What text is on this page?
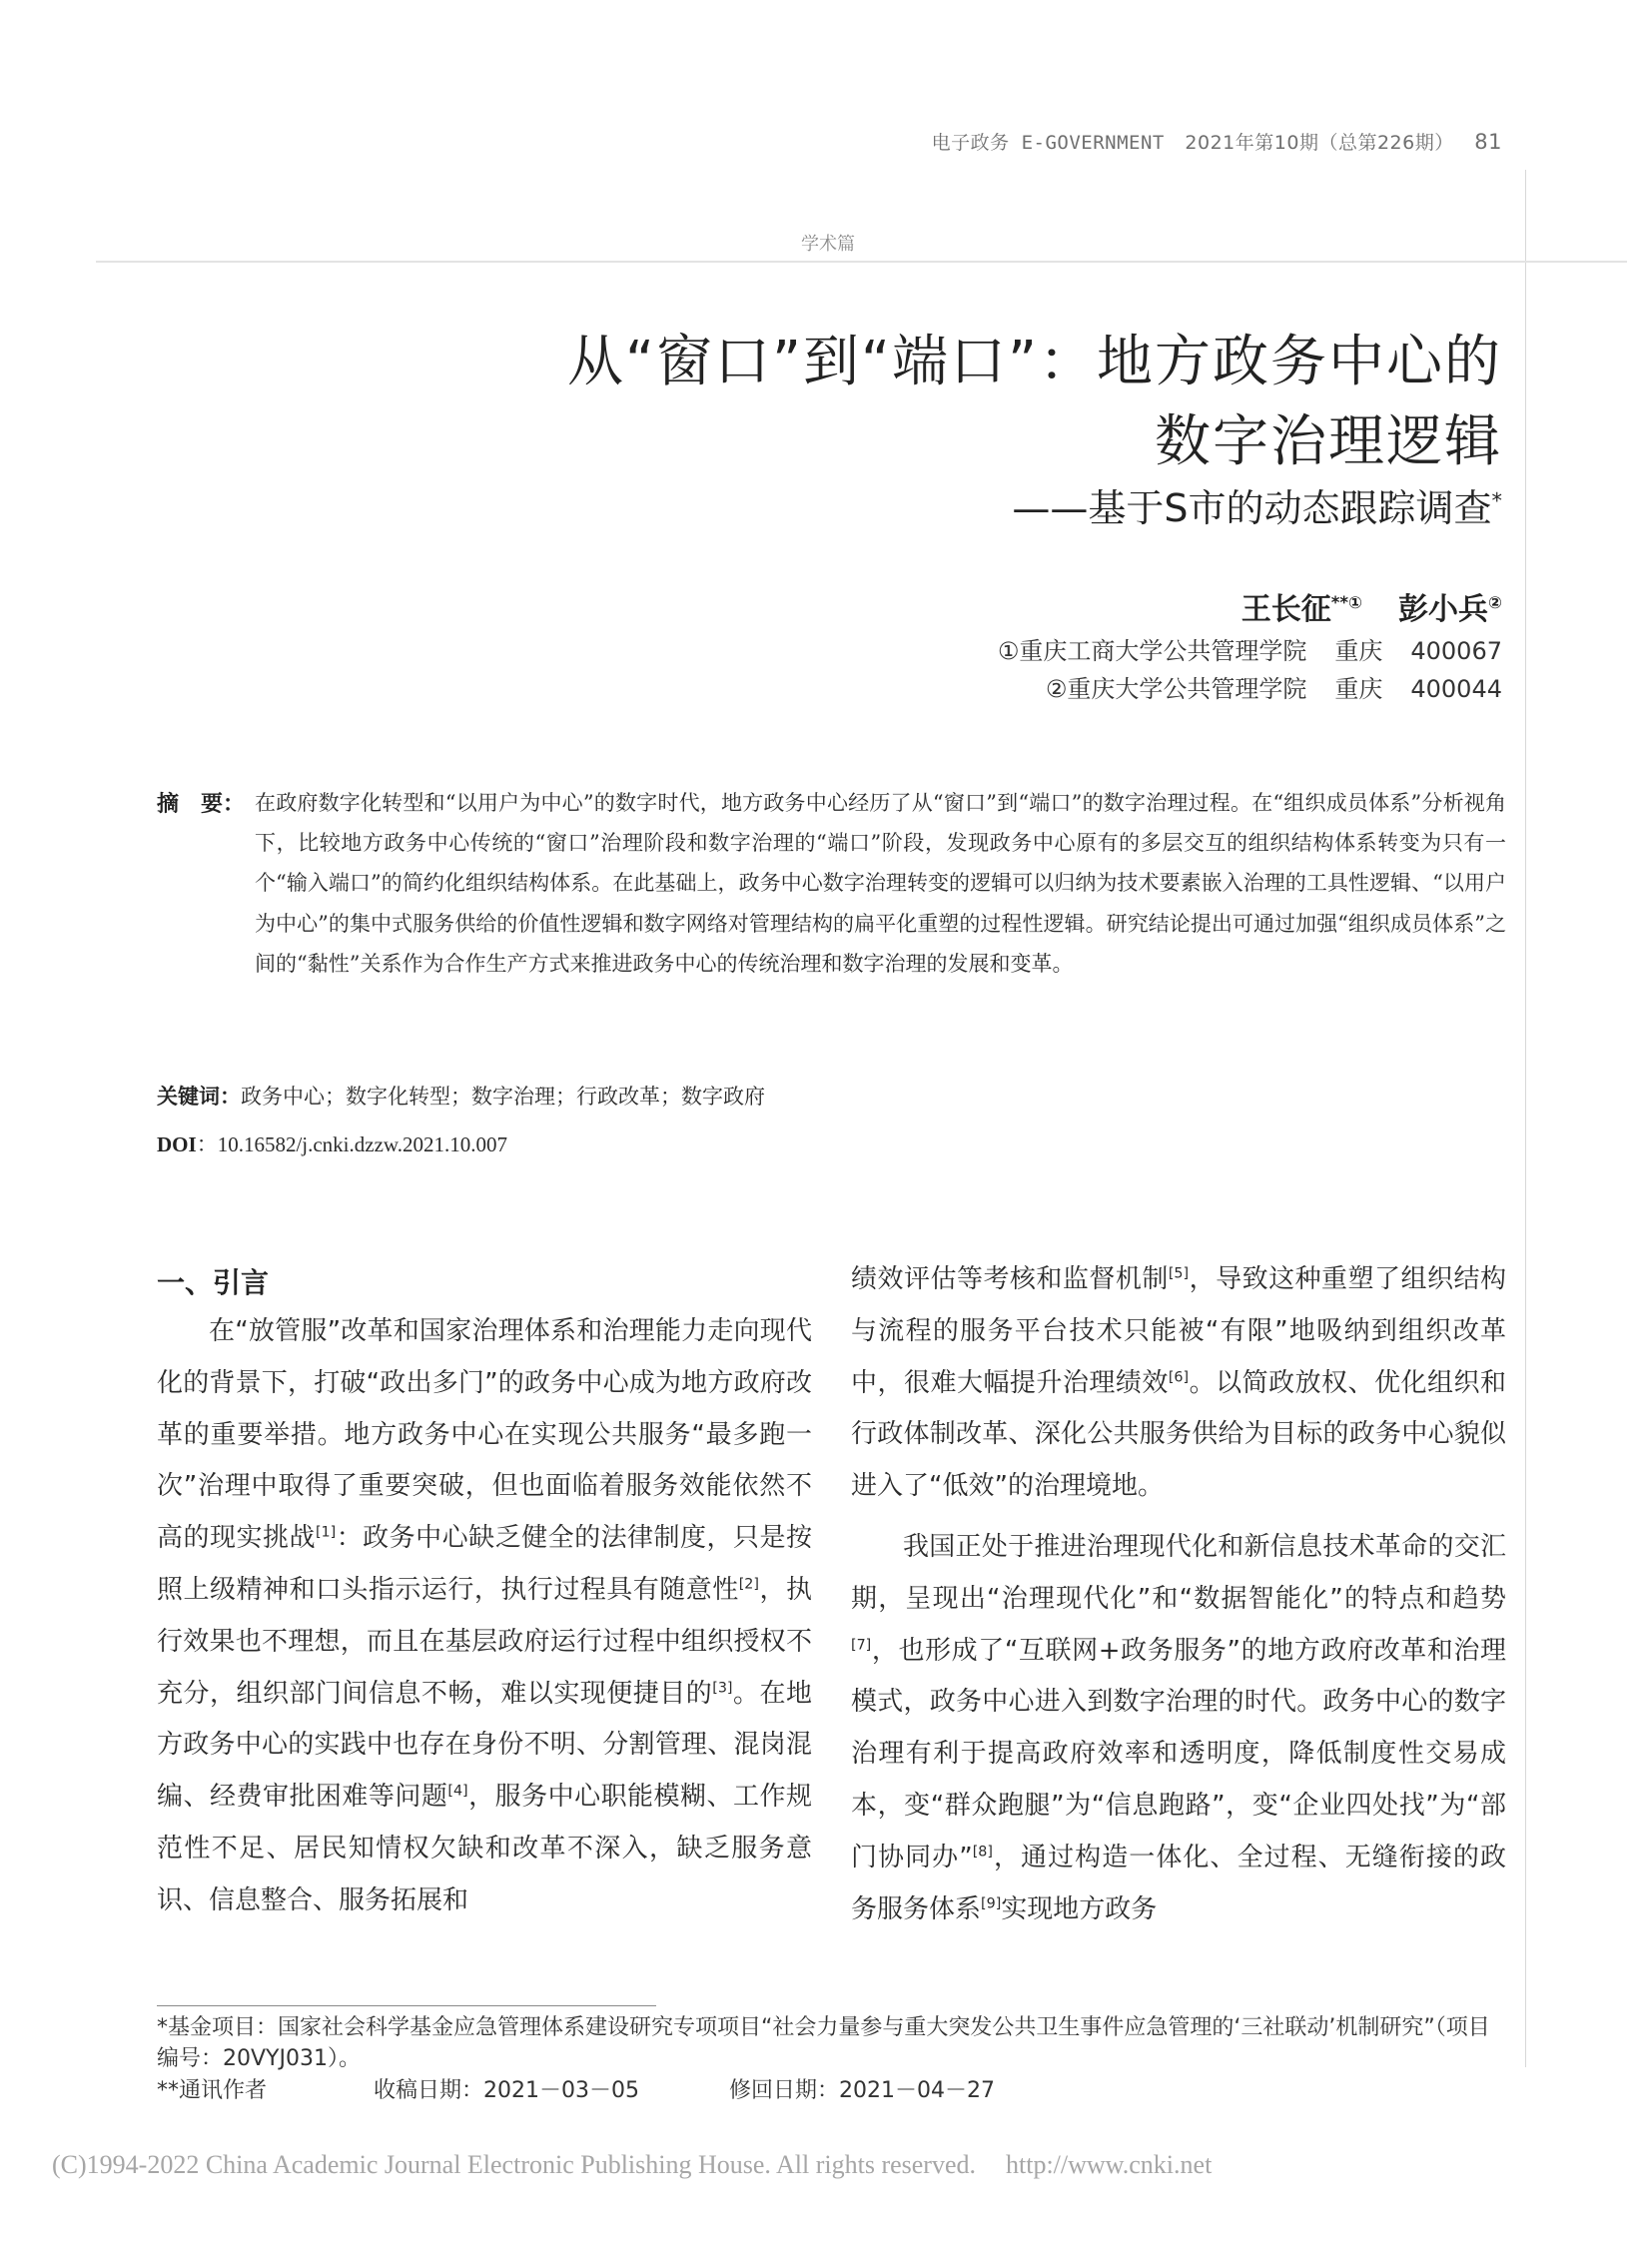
电子政务 E-GOVERNMENT 2021年第10期（总第226期） 81
学术篇
从“窗口”到“端口”：地方政务中心的
数字治理逻辑
——基于S市的动态跟踪调查*
王长征**① 彭小兵②
①重庆工商大学公共管理学院 重庆 400067
②重庆大学公共管理学院 重庆 400044
摘　要： 在政府数字化转型和“以用户为中心”的数字时代，地方政务中心经历了从“窗口”到“端口”的数字治理过程。在“组织成员体系”分析视角下，比较地方政务中心传统的“窗口”治理阶段和数字治理的“端口”阶段，发现政务中心原有的多层交互的组织结构体系转变为只有一个“输入端口”的简约化组织结构体系。在此基础上，政务中心数字治理转变的逻辑可以归纳为技术要素嵌入治理的工具性逻辑、“以用户为中心”的集中式服务供给的价值性逻辑和数字网络对管理结构的扁平化重塑的过程性逻辑。研究结论提出可通过加强“组织成员体系”之间的“黏性”关系作为合作生产方式来推进政务中心的传统治理和数字治理的发展和变革。
关键词：政务中心；数字化转型；数字治理；行政改革；数字政府
DOI：10.16582/j.cnki.dzzw.2021.10.007
一、引言

在“放管服”改革和国家治理体系和治理能力走向现代化的背景下，打破“政出多门”的政务中心成为地方政府改革的重要举措。地方政务中心在实现公共服务“最多跑一次”治理中取得了重要突破，但也面临着服务效能依然不高的现实挑战[1]：政务中心缺乏健全的法律制度，只是按照上级精神和口头指示运行，执行过程具有随意性[2]，执行效果也不理想，而且在基层政府运行过程中组织授权不充分，组织部门间信息不畅，难以实现便捷目的[3]。在地方政务中心的实践中也存在身份不明、分割管理、混岗混编、经费审批困难等问题[4]，服务中心职能模糊、工作规范性不足、居民知情权欠缺和改革不深入，缺乏服务意识、信息整合、服务拓展和

绩效评估等考核和监督机制[5]，导致这种重塑了组织结构与流程的服务平台技术只能被“有限”地吸纳到组织改革中，很难大幅提升治理绩效[6]。以简政放权、优化组织和行政体制改革、深化公共服务供给为目标的政务中心貌似进入了“低效”的治理境地。

我国正处于推进治理现代化和新信息技术革命的交汇期，呈现出“治理现代化”和“数据智能化”的特点和趋势[7]，也形成了“互联网+政务服务”的地方政府改革和治理模式，政务中心进入到数字治理的时代。政务中心的数字治理有利于提高政府效率和透明度，降低制度性交易成本，变“群众跑腿”为“信息跑路”，变“企业四处找”为“部门协同办”[8]，通过构造一体化、全过程、无缝衔接的政务服务体系[9]实现地方政务

*基金项目：国家社会科学基金应急管理体系建设研究专项项目“社会力量参与重大突发公共卫生事件应急管理的‘三社联动’机制研究”（项目编号：20VYJ031）。
**通讯作者	收稿日期：2021－03－05	修回日期：2021－04－27
(C)1994-2022 China Academic Journal Electronic Publishing House. All rights reserved. http://www.cnki.net
